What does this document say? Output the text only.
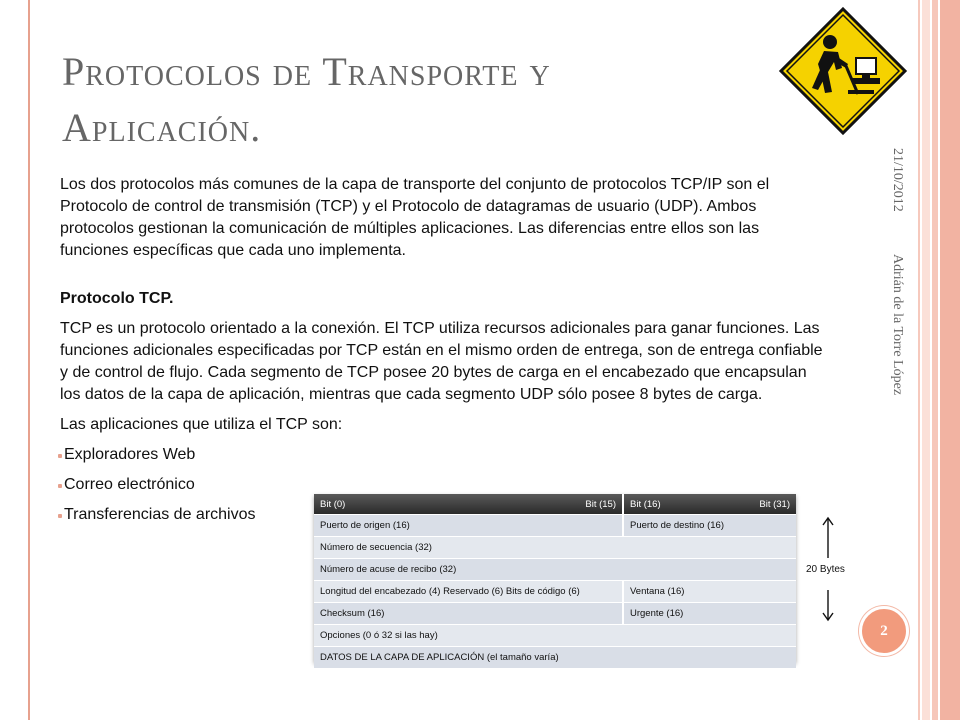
Protocolos de Transporte y Aplicación.
21/10/2012
Adrián de la Torre López

Los dos protocolos más comunes de la capa de transporte del conjunto de protocolos TCP/IP son el Protocolo de control de transmisión (TCP) y el Protocolo de datagramas de usuario (UDP). Ambos protocolos gestionan la comunicación de múltiples aplicaciones. Las diferencias entre ellos son las funciones específicas que cada uno implementa.

Protocolo TCP.

TCP es un protocolo orientado a la conexión. El TCP utiliza recursos adicionales para ganar funciones. Las funciones adicionales especificadas por TCP están en el mismo orden de entrega, son de entrega confiable y de control de flujo. Cada segmento de TCP posee 20 bytes de carga en el encabezado que encapsulan los datos de la capa de aplicación, mientras que cada segmento UDP sólo posee 8 bytes de carga.

Las aplicaciones que utiliza el TCP son:

Exploradores Web
Correo electrónico
Transferencias de archivos
Bit (0)	Bit (15) Bit (16)	Bit (31)
Puerto de origen (16)	Puerto de destino (16)
Número de secuencia (32)
Número de acuse de recibo (32)
Longitud del encabezado (4) Reservado (6) Bits de código (6)	Ventana (16)
Checksum (16)	Urgente (16)
Opciones (0 ó 32 si las hay)
DATOS DE LA CAPA DE APLICACIÓN (el tamaño varía)
20 Bytes
2
